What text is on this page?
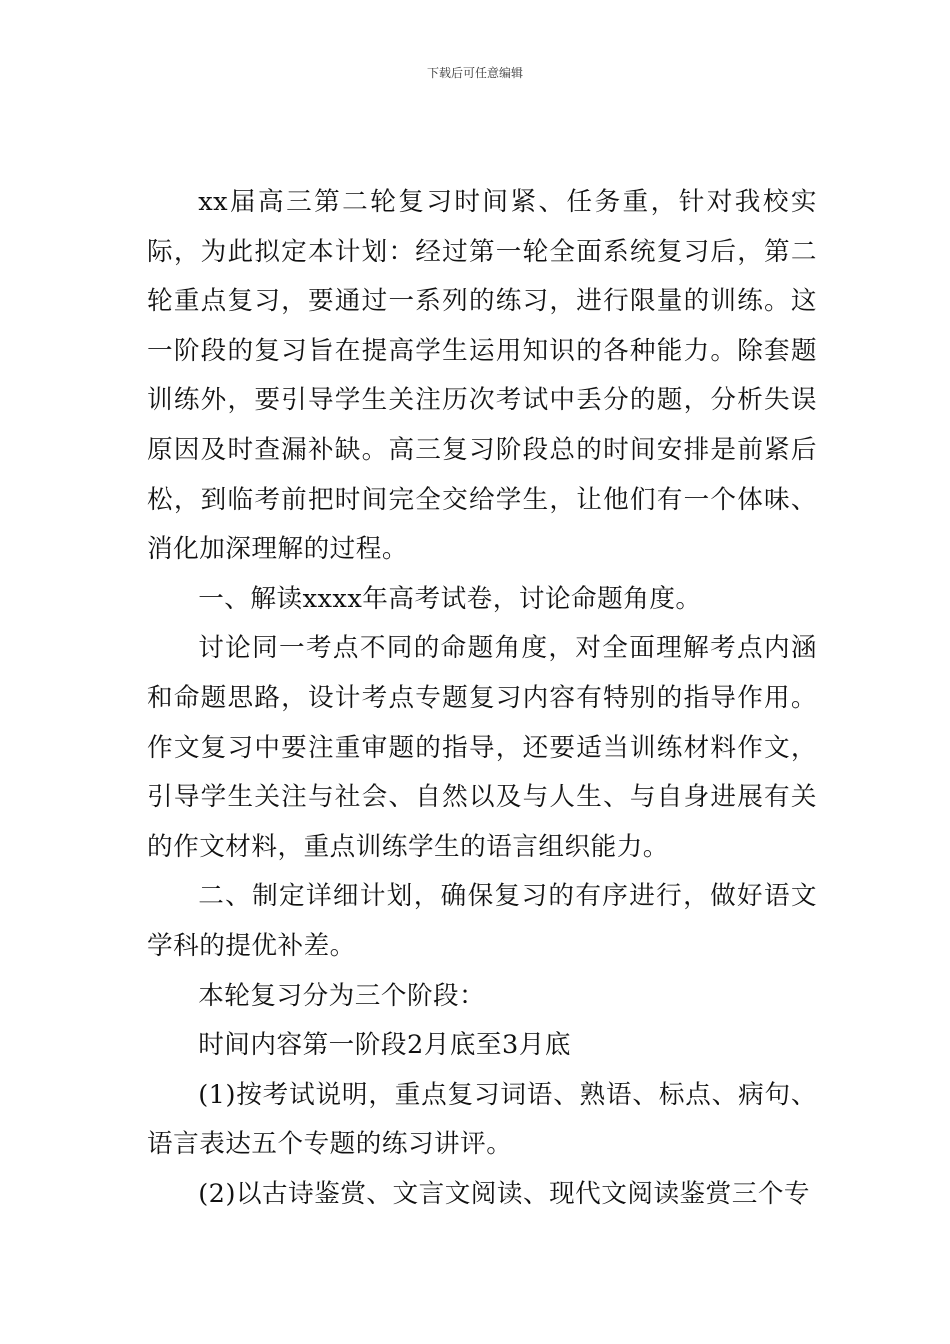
下载后可任意编辑

xx届高三第二轮复习时间紧、任务重，针对我校实际，为此拟定本计划：经过第一轮全面系统复习后，第二轮重点复习，要通过一系列的练习，进行限量的训练。这一阶段的复习旨在提高学生运用知识的各种能力。除套题训练外，要引导学生关注历次考试中丢分的题，分析失误原因及时查漏补缺。高三复习阶段总的时间安排是前紧后松，到临考前把时间完全交给学生，让他们有一个体味、消化加深理解的过程。

一、解读xxxx年高考试卷，讨论命题角度。

讨论同一考点不同的命题角度，对全面理解考点内涵和命题思路，设计考点专题复习内容有特别的指导作用。作文复习中要注重审题的指导，还要适当训练材料作文，引导学生关注与社会、自然以及与人生、与自身进展有关的作文材料，重点训练学生的语言组织能力。

二、制定详细计划，确保复习的有序进行，做好语文学科的提优补差。

本轮复习分为三个阶段：

时间内容第一阶段2月底至3月底

(1)按考试说明，重点复习词语、熟语、标点、病句、语言表达五个专题的练习讲评。

(2)以古诗鉴赏、文言文阅读、现代文阅读鉴赏三个专
